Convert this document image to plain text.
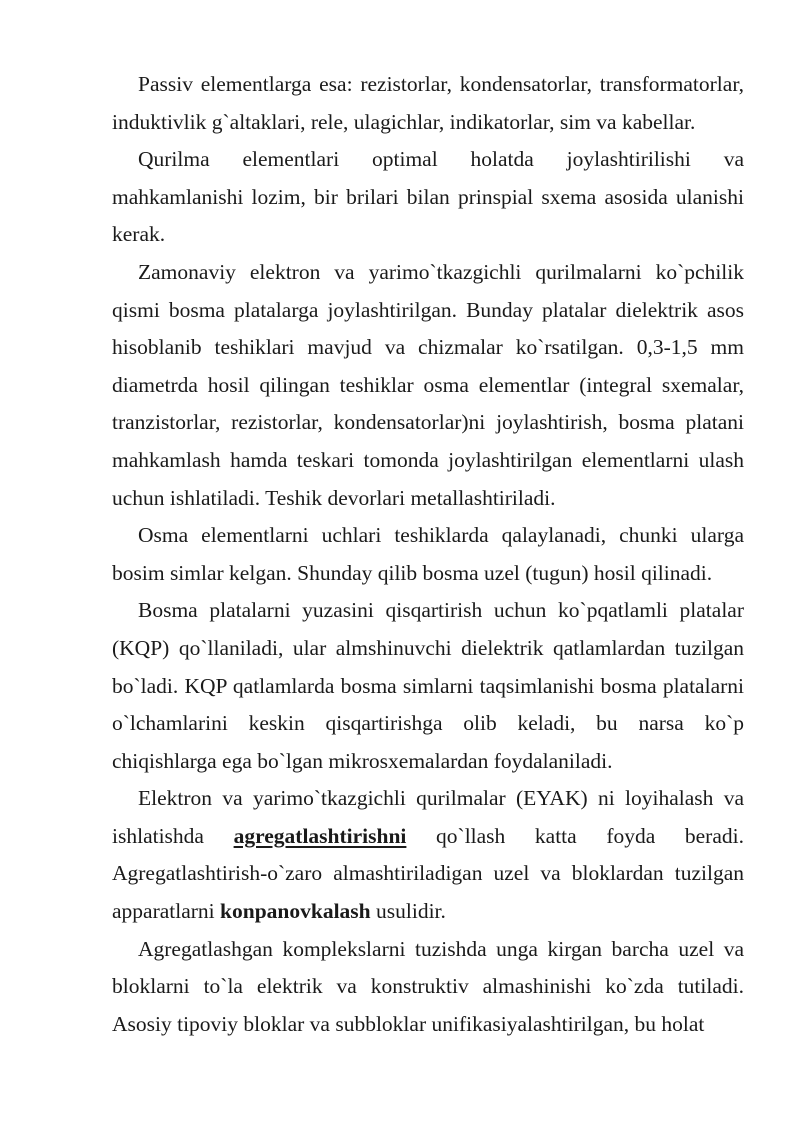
Passiv elementlarga esa: rezistorlar, kondensatorlar, transformatorlar,
induktivlik g`altaklari, rele, ulagichlar, indikatorlar, sim va kabellar.
Qurilma elementlari optimal holatda joylashtirilishi va
mahkamlanishi lozim, bir brilari bilan prinspial sxema asosida ulanishi
kerak.
Zamonaviy elektron va yarimo`tkazgichli qurilmalarni ko`pchilik
qismi bosma platalarga joylashtirilgan. Bunday platalar dielektrik asos
hisoblanib teshiklari mavjud va chizmalar ko`rsatilgan. 0,3-1,5 mm
diametrda hosil qilingan teshiklar osma elementlar (integral sxemalar,
tranzistorlar, rezistorlar, kondensatorlar)ni joylashtirish, bosma platani
mahkamlash hamda teskari tomonda joylashtirilgan elementlarni ulash
uchun ishlatiladi. Teshik devorlari metallashtiriladi.
Osma elementlarni uchlari teshiklarda qalaylanadi, chunki ularga
bosim simlar kelgan. Shunday qilib bosma uzel (tugun) hosil qilinadi.
Bosma platalarni yuzasini qisqartirish uchun ko`pqatlamli platalar
(KQP) qo`llaniladi, ular almshinuvchi dielektrik qatlamlardan tuzilgan
bo`ladi. KQP qatlamlarda bosma simlarni taqsimlanishi bosma platalarni
o`lchamlarini keskin qisqartirishga olib keladi, bu narsa ko`p
chiqishlarga ega bo`lgan mikrosxemalardan foydalaniladi.
Elektron va yarimo`tkazgichli qurilmalar (EYAK) ni loyihalash va
ishlatishda agregatlashtirishni qo`llash katta foyda beradi.
Agregatlashtirish-o`zaro almashtiriladigan uzel va bloklardan tuzilgan
apparatlarni konpanovkalash usulidir.
Agregatlashgan komplekslarni tuzishda unga kirgan barcha uzel va
bloklarni to`la elektrik va konstruktiv almashinishi ko`zda tutiladi.
Asosiy tipoviy bloklar va subbloklar unifikasiyalashtirilgan, bu holat
